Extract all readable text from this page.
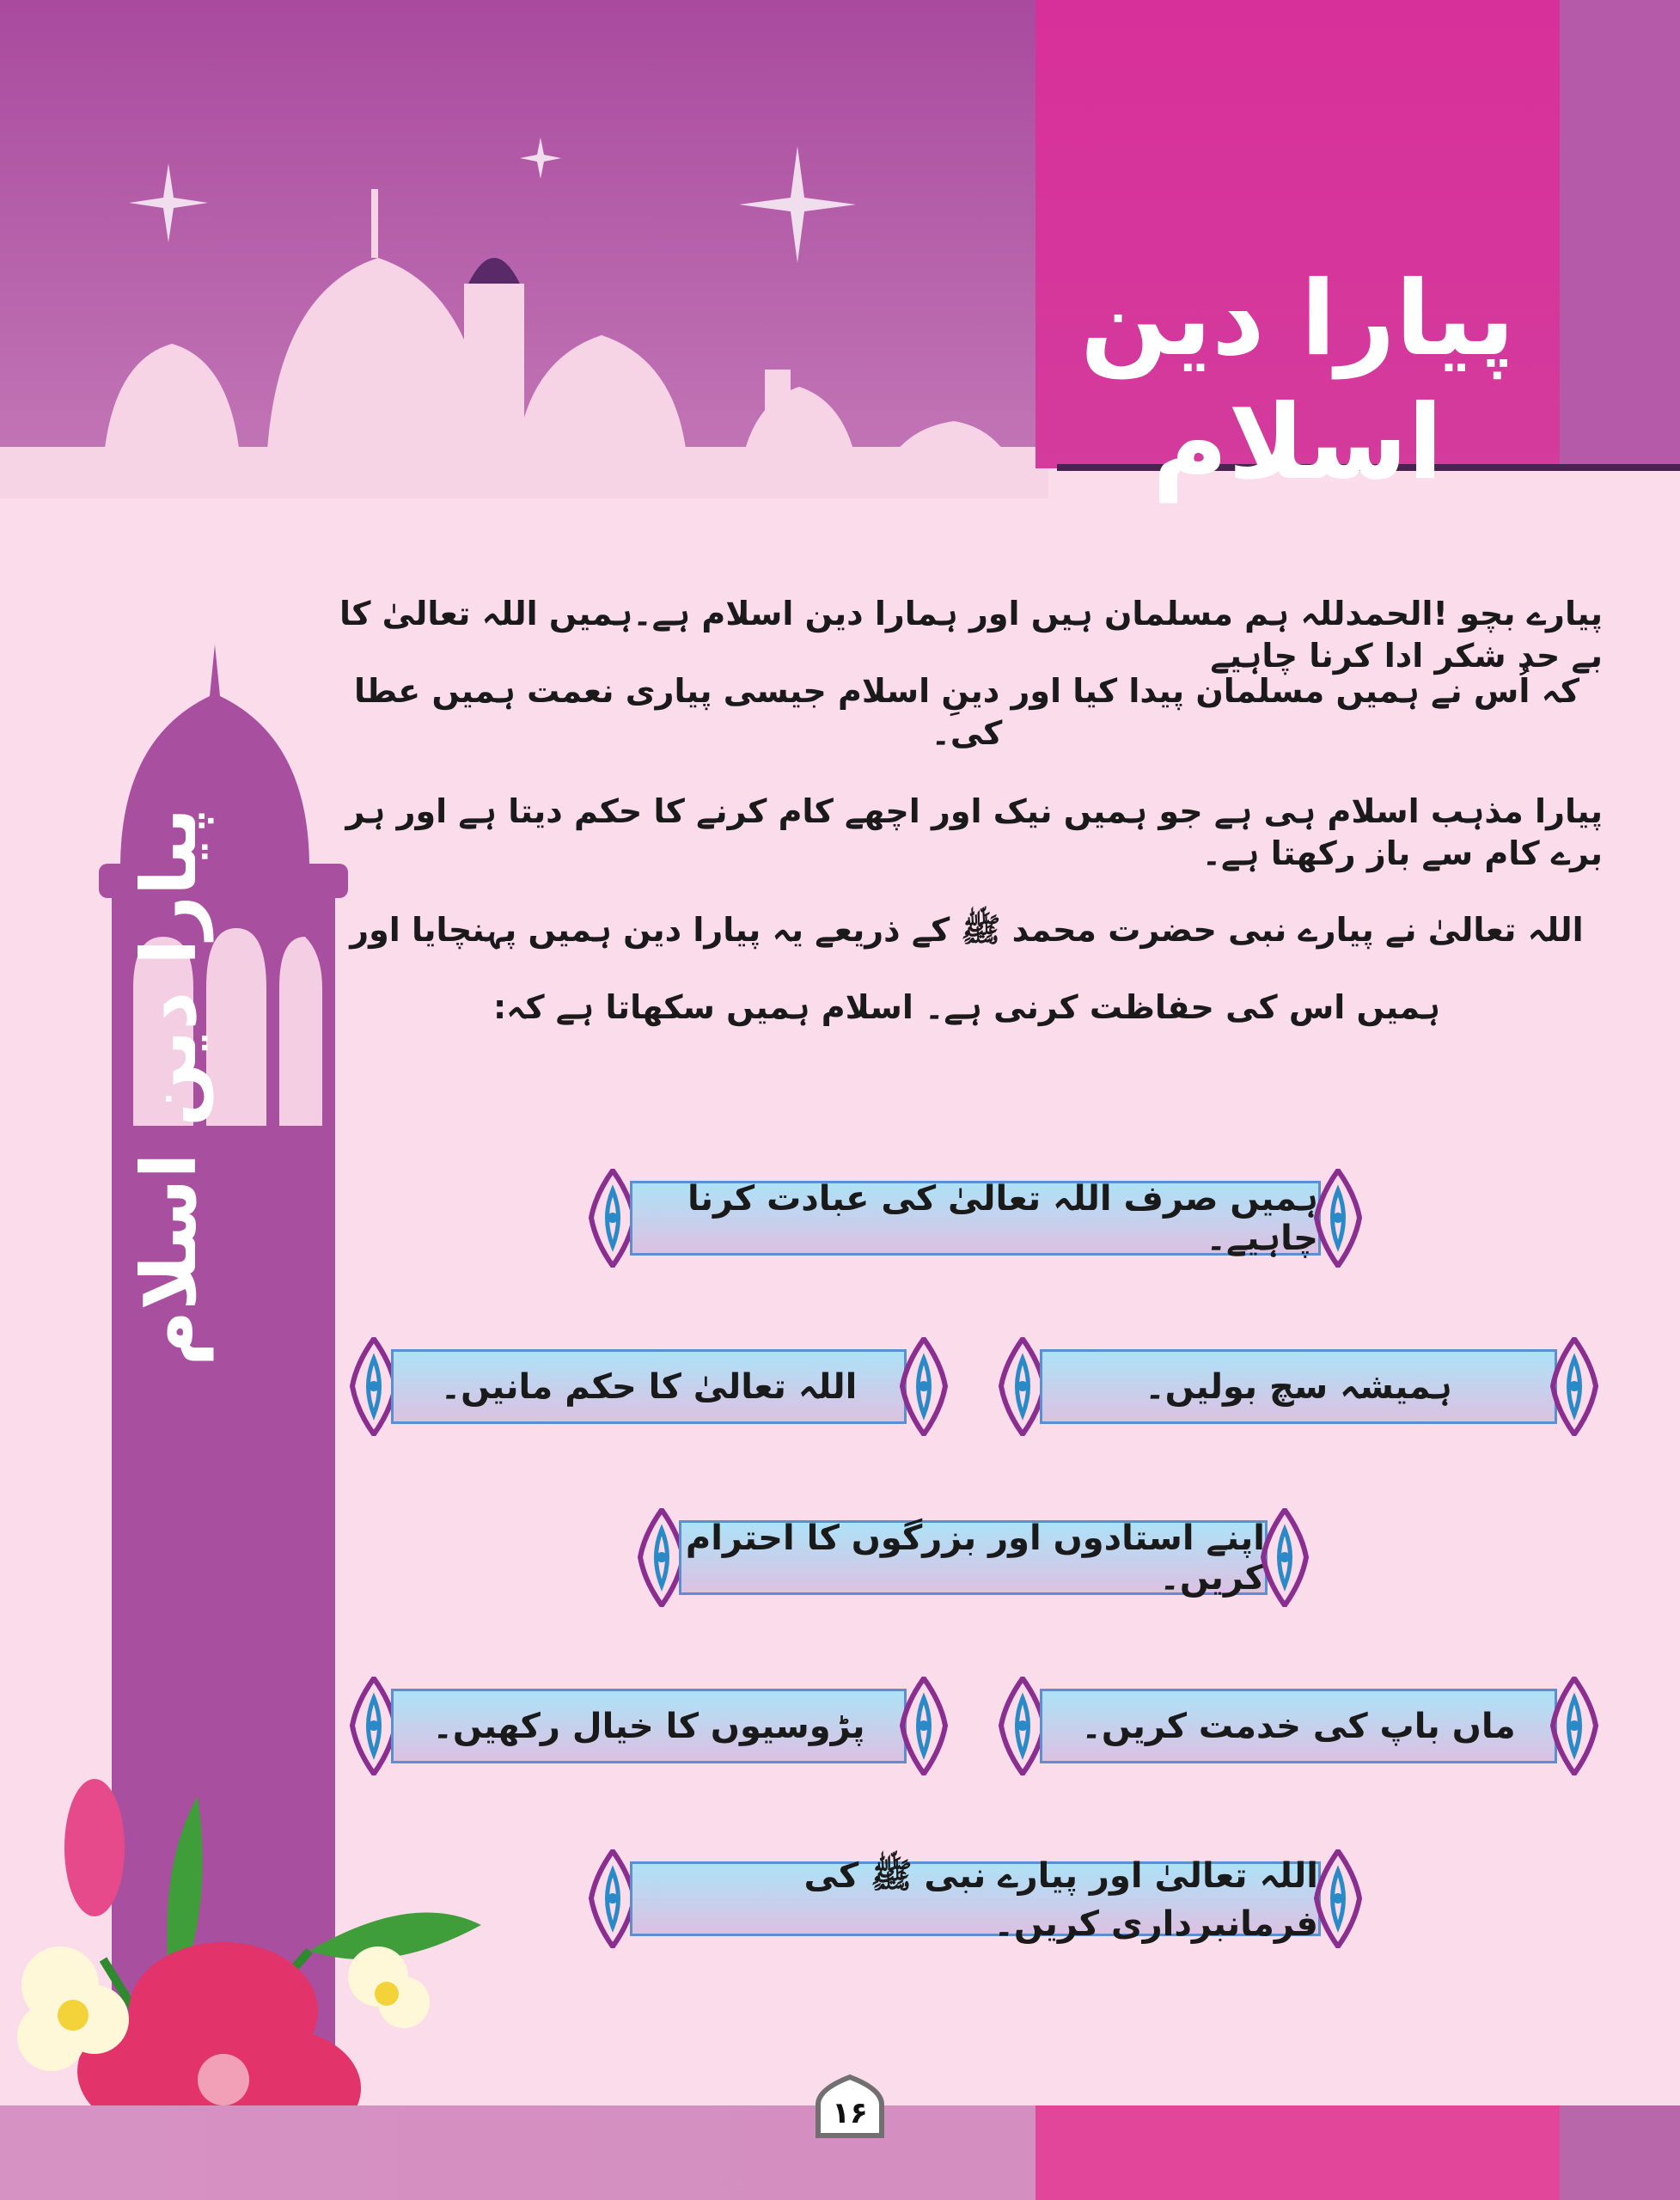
پیارا دین اسلام
پیارا دین اسلام
پیارے بچو !الحمدللہ ہم مسلمان ہیں اور ہمارا دین اسلام ہے۔ہمیں اللہ تعالیٰ کا بے حد شکر ادا کرنا چاہیے
کہ اُس نے ہمیں مسلمان پیدا کیا اور دینِ اسلام جیسی پیاری نعمت ہمیں عطا کی۔
پیارا مذہب اسلام ہی ہے جو ہمیں نیک اور اچھے کام کرنے کا حکم دیتا ہے اور ہر برے کام سے باز رکھتا ہے۔
اللہ تعالیٰ نے پیارے نبی حضرت محمد ﷺ کے ذریعے یہ پیارا دین ہمیں پہنچایا اور
ہمیں اس کی حفاظت کرنی ہے۔ اسلام ہمیں سکھاتا ہے کہ:
ہمیں صرف اللہ تعالیٰ کی عبادت کرنا چاہیے۔
ہمیشہ سچ بولیں۔
اللہ تعالیٰ کا حکم مانیں۔
اپنے استادوں اور بزرگوں کا احترام کریں۔
ماں باپ کی خدمت کریں۔
پڑوسیوں کا خیال رکھیں۔
اللہ تعالیٰ اور پیارے نبی ﷺ کی فرمانبرداری کریں۔
۱۶
